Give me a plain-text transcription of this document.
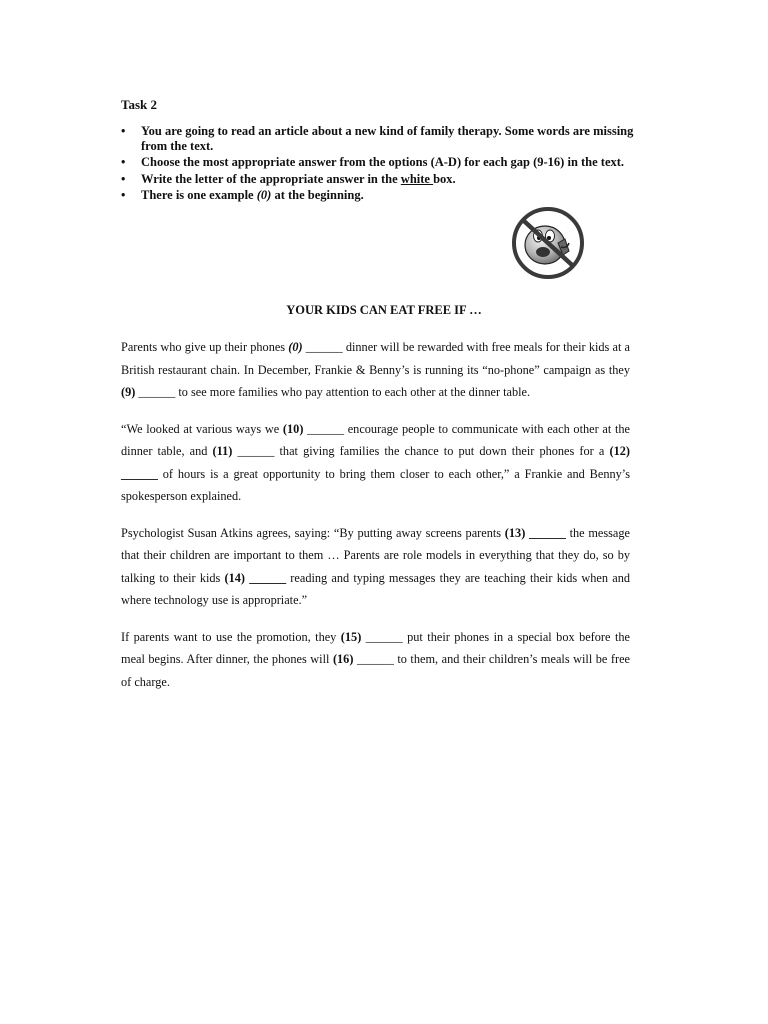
Task 2
• You are going to read an article about a new kind of family therapy. Some words are missing from the text.
• Choose the most appropriate answer from the options (A-D) for each gap (9-16) in the text.
• Write the letter of the appropriate answer in the white box.
• There is one example (0) at the beginning.
YOUR KIDS CAN EAT FREE IF …

Parents who give up their phones (0) ______ dinner will be rewarded with free meals for their kids at a British restaurant chain. In December, Frankie & Benny’s is running its “no-phone” campaign as they (9) ______ to see more families who pay attention to each other at the dinner table.

“We looked at various ways we (10) ______ encourage people to communicate with each other at the dinner table, and (11) ______ that giving families the chance to put down their phones for a (12) ______ of hours is a great opportunity to bring them closer to each other,” a Frankie and Benny’s spokesperson explained.

Psychologist Susan Atkins agrees, saying: “By putting away screens parents (13) ______ the message that their children are important to them … Parents are role models in everything that they do, so by talking to their kids (14) ______ reading and typing messages they are teaching their kids when and where technology use is appropriate.”

If parents want to use the promotion, they (15) ______ put their phones in a special box before the meal begins. After dinner, the phones will (16) ______ to them, and their children’s meals will be free of charge.
